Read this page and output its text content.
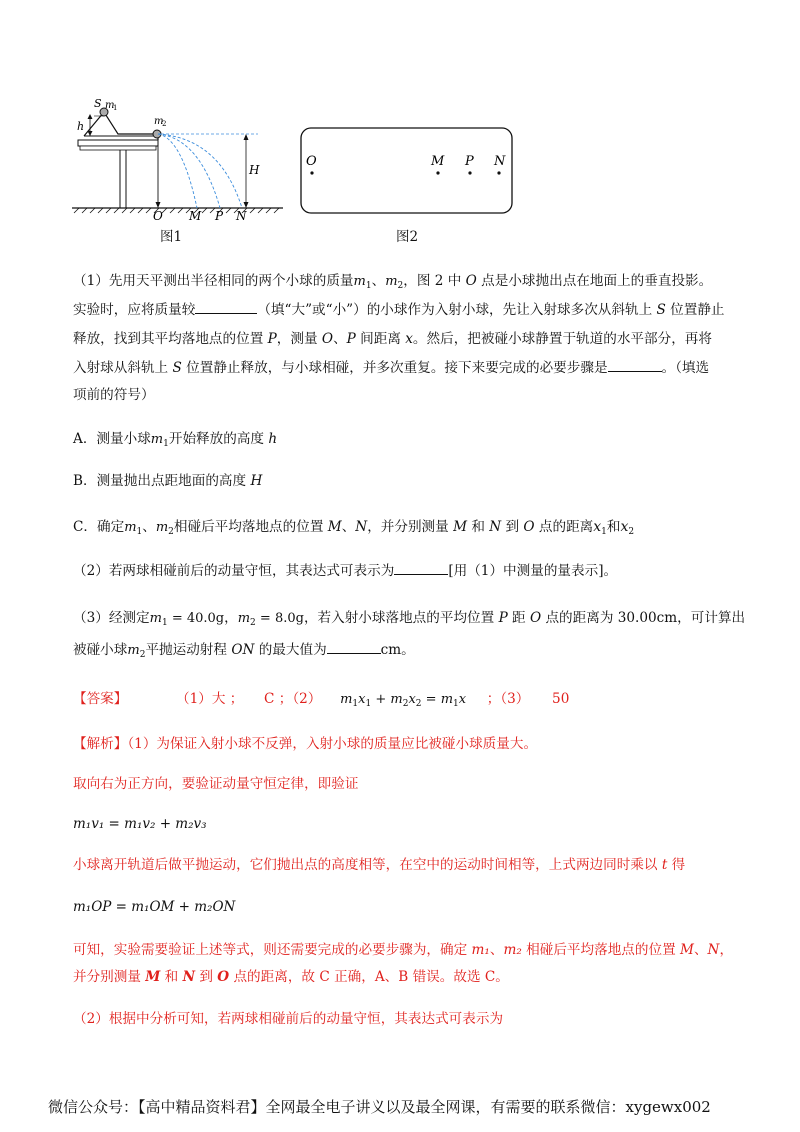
S m
1
h	m
2
H
O M P N
图1
O	M P N
图2
（1）先用天平测出半径相同的两个小球的质量$m_1$、$m_2$，图 2 中 O 点是小球抛出点在地面上的垂直投影。
实验时，应将质量较	（填“大”或“小”）的小球作为入射小球，先让入射球多次从斜轨上 S 位置静止
释放，找到其平均落地点的位置 P，测量 O、P 间距离 x。然后，把被碰小球静置于轨道的水平部分，再将
入射球从斜轨上 S 位置静止释放，与小球相碰，并多次重复。接下来要完成的必要步骤是	。（填选
项前的符号）
A．测量小球$m_1$开始释放的高度 h
B．测量抛出点距地面的高度 H
C．确定$m_1$、$m_2$相碰后平均落地点的位置 M、N，并分别测量 M 和 N 到 O 点的距离$x_1$和$x_2$
（2）若两球相碰前后的动量守恒，其表达式可表示为	[用（1）中测量的量表示]。
（3）经测定$m_1 = 40.0g$，$m_2 = 8.0g$，若入射小球落地点的平均位置 P 距 O 点的距离为 30.00cm，可计算出
被碰小球$m_2$平抛运动射程 ON 的最大值为	cm。
【答案】	（1）大 ； C ；（2） $m_1x_1 + m_2x_2 = m_1x$ ；（3） 50
【解析】（1）为保证入射小球不反弹，入射小球的质量应比被碰小球质量大。
取向右为正方向，要验证动量守恒定律，即验证
m₁v₁ = m₁v₂ + m₂v₃
小球离开轨道后做平抛运动，它们抛出点的高度相等，在空中的运动时间相等，上式两边同时乘以 t 得
m₁OP = m₁OM + m₂ON
可知，实验需要验证上述等式，则还需要完成的必要步骤为，确定 m₁、m₂ 相碰后平均落地点的位置 M、N，
并分别测量 M 和 N 到 O 点的距离，故 C 正确，A、B 错误。故选 C。
（2）根据中分析可知，若两球相碰前后的动量守恒，其表达式可表示为
微信公众号：【高中精品资料君】全网最全电子讲义以及最全网课，有需要的联系微信：xygewx002
